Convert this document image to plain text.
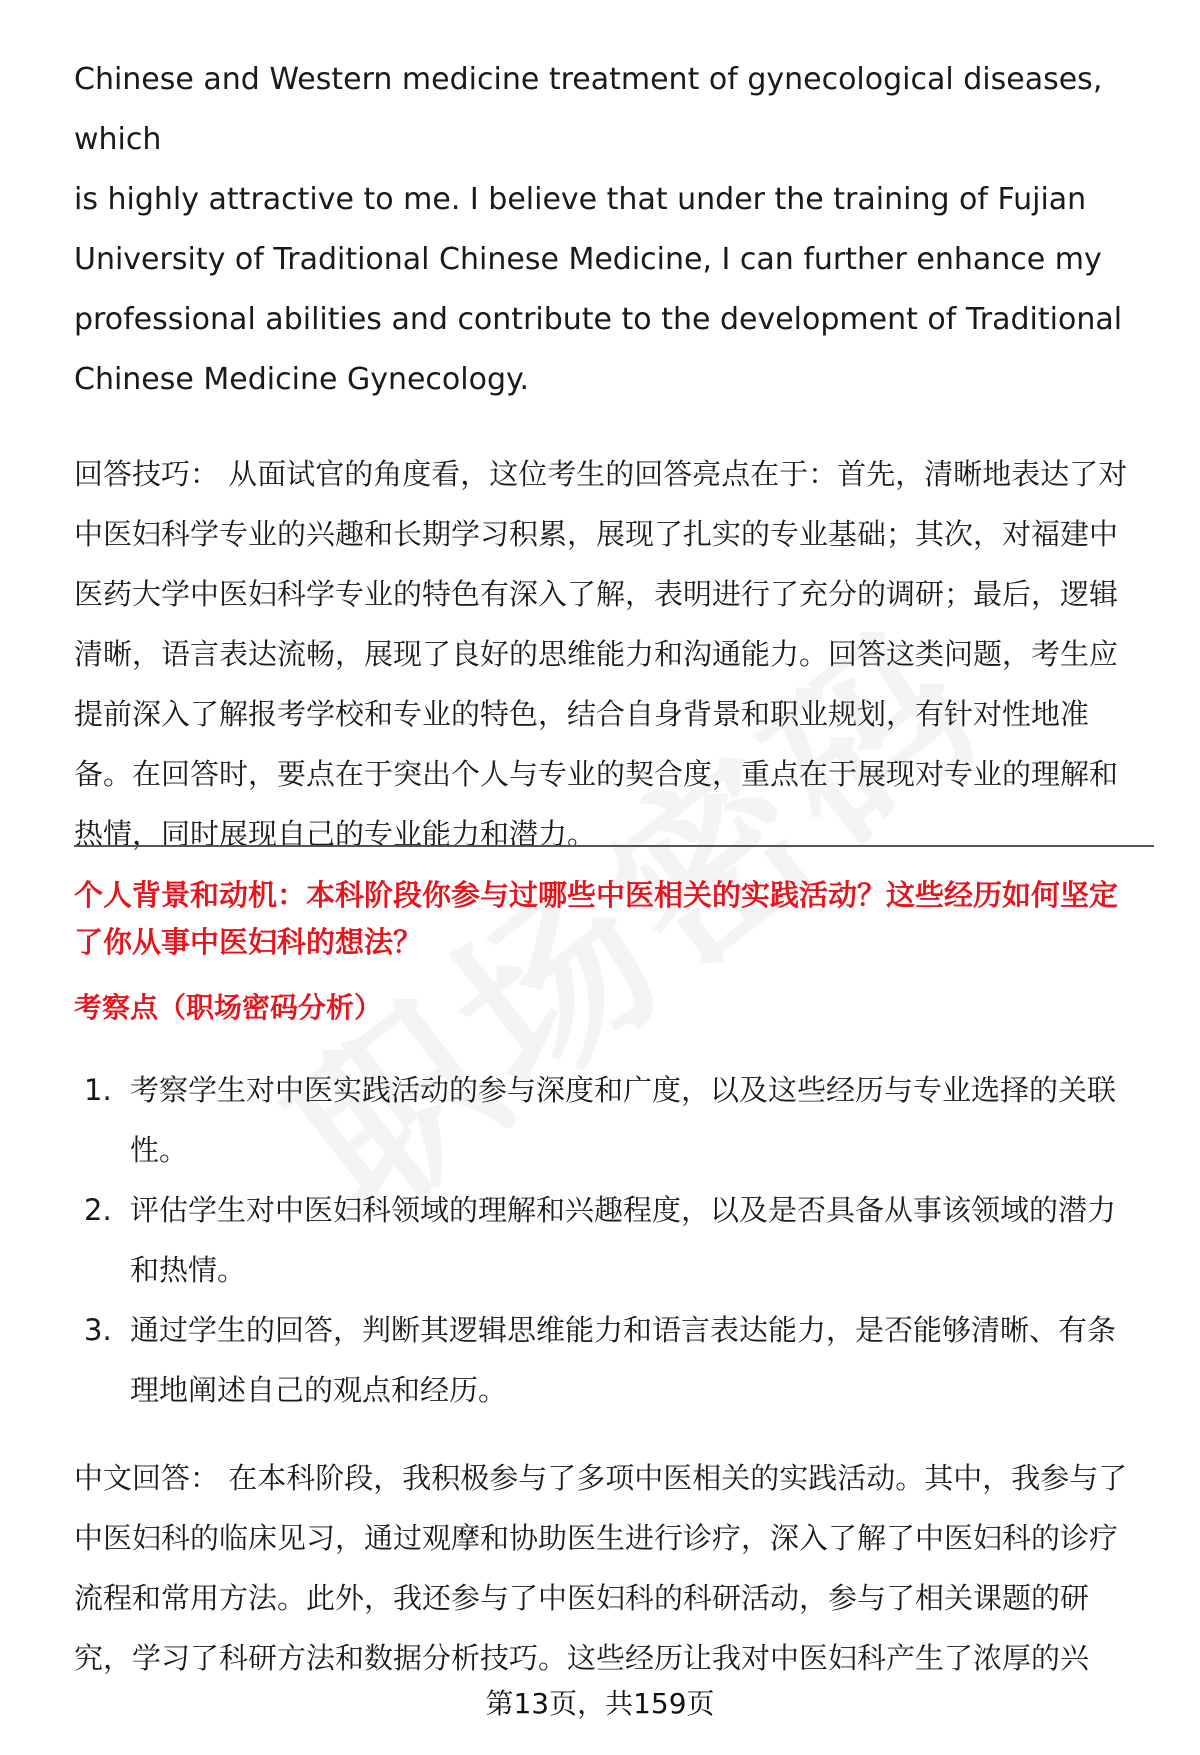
Chinese and Western medicine treatment of gynecological diseases, which

is highly attractive to me. I believe that under the training of Fujian

University of Traditional Chinese Medicine, I can further enhance my

professional abilities and contribute to the development of Traditional

Chinese Medicine Gynecology.

回答技巧： 从面试官的角度看，这位考生的回答亮点在于：首先，清晰地表达了对

中医妇科学专业的兴趣和长期学习积累，展现了扎实的专业基础；其次，对福建中

医药大学中医妇科学专业的特色有深入了解，表明进行了充分的调研；最后，逻辑

清晰，语言表达流畅，展现了良好的思维能力和沟通能力。回答这类问题，考生应

提前深入了解报考学校和专业的特色，结合自身背景和职业规划，有针对性地准

备。在回答时，要点在于突出个人与专业的契合度，重点在于展现对专业的理解和

热情，同时展现自己的专业能力和潜力。

个人背景和动机：本科阶段你参与过哪些中医相关的实践活动？这些经历如何坚定
了你从事中医妇科的想法？
考察点（职场密码分析）
1. 考察学生对中医实践活动的参与深度和广度，以及这些经历与专业选择的关联
性。
2. 评估学生对中医妇科领域的理解和兴趣程度，以及是否具备从事该领域的潜力
和热情。
3. 通过学生的回答，判断其逻辑思维能力和语言表达能力，是否能够清晰、有条
理地阐述自己的观点和经历。

中文回答： 在本科阶段，我积极参与了多项中医相关的实践活动。其中，我参与了

中医妇科的临床见习，通过观摩和协助医生进行诊疗，深入了解了中医妇科的诊疗

流程和常用方法。此外，我还参与了中医妇科的科研活动，参与了相关课题的研

究，学习了科研方法和数据分析技巧。这些经历让我对中医妇科产生了浓厚的兴

第13页，共159页
